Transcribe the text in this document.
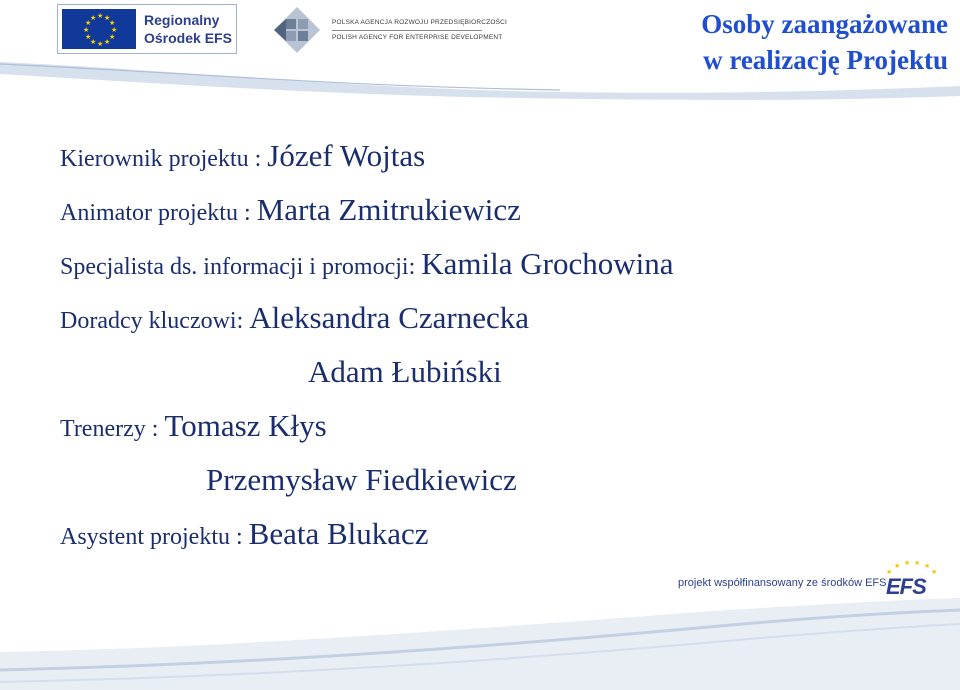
★ ★
★
★
★
★
★
★
★
★
★
★	Regionalny
Ośrodek EFS
POLSKA AGENCJA ROZWOJU PRZEDSIĘBIORCZOŚCI
POLISH AGENCY FOR ENTERPRISE DEVELOPMENT	Osoby zaangażowane
w realizację Projektu
Kierownik projektu : Józef Wojtas
Animator projektu : Marta Zmitrukiewicz
Specjalista ds. informacji i promocji: Kamila Grochowina
Doradcy kluczowi: Aleksandra Czarnecka
Adam Łubiński
Trenerzy : Tomasz Kłys
Przemysław Fiedkiewicz
Asystent projektu : Beata Blukacz
projekt współfinansowany ze środków EFS
★
★ ★ ★ ★
★
EFS
